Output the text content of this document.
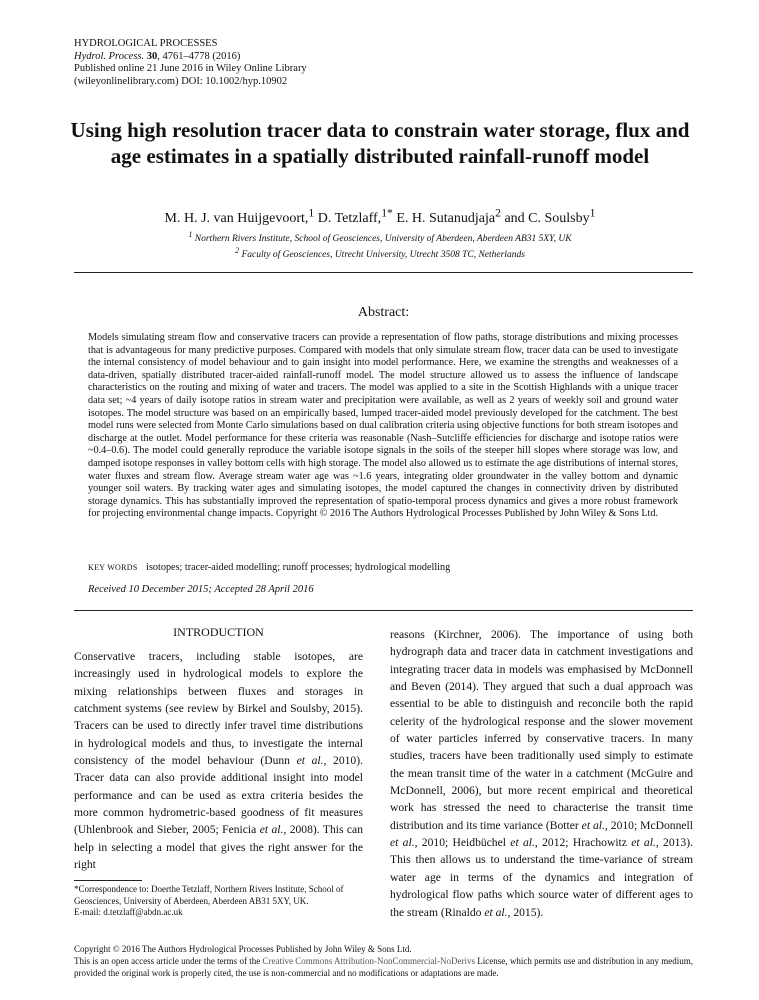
HYDROLOGICAL PROCESSES
Hydrol. Process. 30, 4761–4778 (2016)
Published online 21 June 2016 in Wiley Online Library
(wileyonlinelibrary.com) DOI: 10.1002/hyp.10902
Using high resolution tracer data to constrain water storage, flux and age estimates in a spatially distributed rainfall-runoff model
M. H. J. van Huijgevoort,$^1$ D. Tetzlaff,$^{1*}$ E. H. Sutanudjaja$^2$ and C. Soulsby$^1$
$^1$ Northern Rivers Institute, School of Geosciences, University of Aberdeen, Aberdeen AB31 5XY, UK
$^2$ Faculty of Geosciences, Utrecht University, Utrecht 3508 TC, Netherlands
Abstract:
Models simulating stream flow and conservative tracers can provide a representation of flow paths, storage distributions and mixing processes that is advantageous for many predictive purposes. Compared with models that only simulate stream flow, tracer data can be used to investigate the internal consistency of model behaviour and to gain insight into model performance. Here, we examine the strengths and weaknesses of a data-driven, spatially distributed tracer-aided rainfall-runoff model. The model structure allowed us to assess the influence of landscape characteristics on the routing and mixing of water and tracers. The model was applied to a site in the Scottish Highlands with a unique tracer data set; ~4 years of daily isotope ratios in stream water and precipitation were available, as well as 2 years of weekly soil and ground water isotopes. The model structure was based on an empirically based, lumped tracer-aided model previously developed for the catchment. The best model runs were selected from Monte Carlo simulations based on dual calibration criteria using objective functions for both stream isotopes and discharge at the outlet. Model performance for these criteria was reasonable (Nash–Sutcliffe efficiencies for discharge and isotope ratios were ~0.4–0.6). The model could generally reproduce the variable isotope signals in the soils of the steeper hill slopes where storage was low, and damped isotope responses in valley bottom cells with high storage. The model also allowed us to estimate the age distributions of internal stores, water fluxes and stream flow. Average stream water age was ~1.6 years, integrating older groundwater in the valley bottom and dynamic younger soil waters. By tracking water ages and simulating isotopes, the model captured the changes in connectivity driven by distributed storage dynamics. This has substantially improved the representation of spatio-temporal process dynamics and gives a more robust framework for projecting environmental change impacts. Copyright © 2016 The Authors Hydrological Processes Published by John Wiley & Sons Ltd.
KEY WORDS isotopes; tracer-aided modelling; runoff processes; hydrological modelling
Received 10 December 2015; Accepted 28 April 2016
INTRODUCTION
Conservative tracers, including stable isotopes, are increasingly used in hydrological models to explore the mixing relationships between fluxes and storages in catchment systems (see review by Birkel and Soulsby, 2015). Tracers can be used to directly infer travel time distributions in hydrological models and thus, to investigate the internal consistency of the model behaviour (Dunn et al., 2010). Tracer data can also provide additional insight into model performance and can be used as extra criteria besides the more common hydrometric-based goodness of fit measures (Uhlenbrook and Sieber, 2005; Fenicia et al., 2008). This can help in selecting a model that gives the right answer for the right
reasons (Kirchner, 2006). The importance of using both hydrograph data and tracer data in catchment investigations and integrating tracer data in models was emphasised by McDonnell and Beven (2014). They argued that such a dual approach was essential to be able to distinguish and reconcile both the rapid celerity of the hydrological response and the slower movement of water particles inferred by conservative tracers. In many studies, tracers have been traditionally used simply to estimate the mean transit time of the water in a catchment (McGuire and McDonnell, 2006), but more recent empirical and theoretical work has stressed the need to characterise the transit time distribution and its time variance (Botter et al., 2010; McDonnell et al., 2010; Heidbüchel et al., 2012; Hrachowitz et al., 2013). This then allows us to understand the time-variance of stream water age in terms of the dynamics and integration of hydrological flow paths which source water of different ages to the stream (Rinaldo et al., 2015).
*Correspondence to: Doerthe Tetzlaff, Northern Rivers Institute, School of Geosciences, University of Aberdeen, Aberdeen AB31 5XY, UK.
E-mail: d.tetzlaff@abdn.ac.uk
Copyright © 2016 The Authors Hydrological Processes Published by John Wiley & Sons Ltd.
This is an open access article under the terms of the Creative Commons Attribution-NonCommercial-NoDerivs License, which permits use and distribution in any medium, provided the original work is properly cited, the use is non-commercial and no modifications or adaptations are made.
